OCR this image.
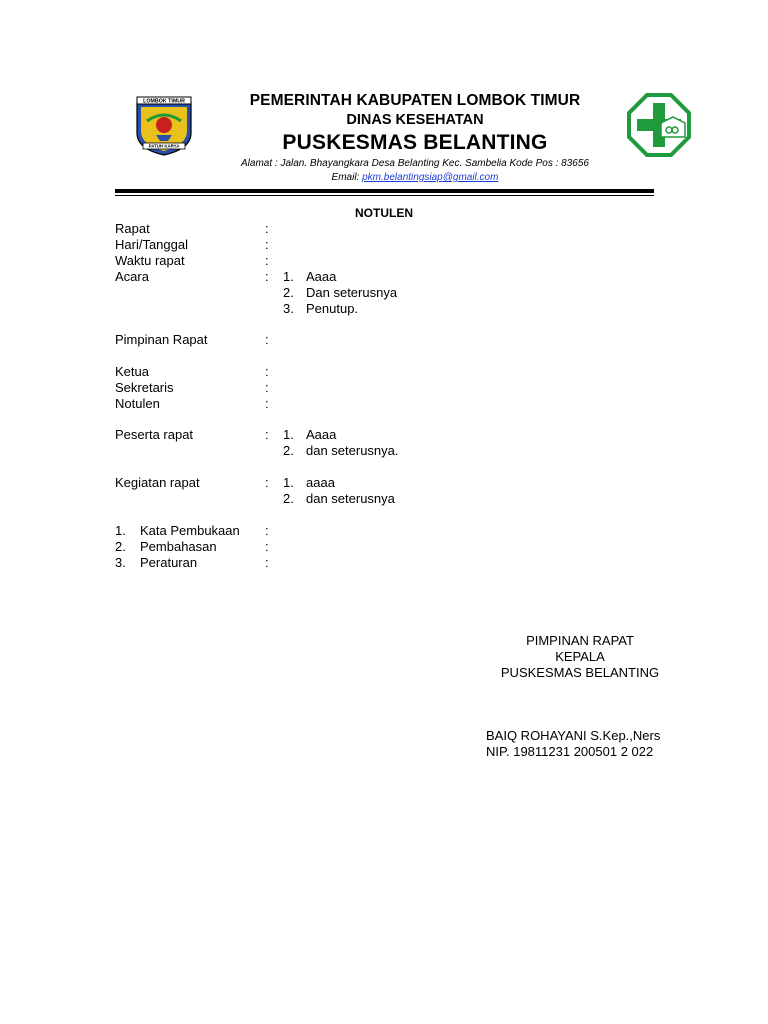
LOMBOK TIMUR
PATUH KARYA
PEMERINTAH KABUPATEN LOMBOK TIMUR
DINAS KESEHATAN
PUSKESMAS BELANTING
Alamat : Jalan. Bhayangkara Desa Belanting Kec. Sambelia Kode Pos : 83656
Email: pkm.belantingsiap@gmail.com
NOTULEN
Rapat	:
Hari/Tanggal	:
Waktu rapat	:
Acara	: 1. Aaaa
2. Dan seterusnya
3. Penutup.
Pimpinan Rapat	:
Ketua	:
Sekretaris	:
Notulen	:
Peserta rapat	: 1. Aaaa
2. dan seterusnya.
Kegiatan rapat	: 1. aaaa
2. dan seterusnya
1. Kata Pembukaan :
2. Pembahasan	:
3. Peraturan	:
PIMPINAN RAPAT
KEPALA
PUSKESMAS BELANTING
BAIQ ROHAYANI S.Kep.,Ners
NIP. 19811231 200501 2 022
